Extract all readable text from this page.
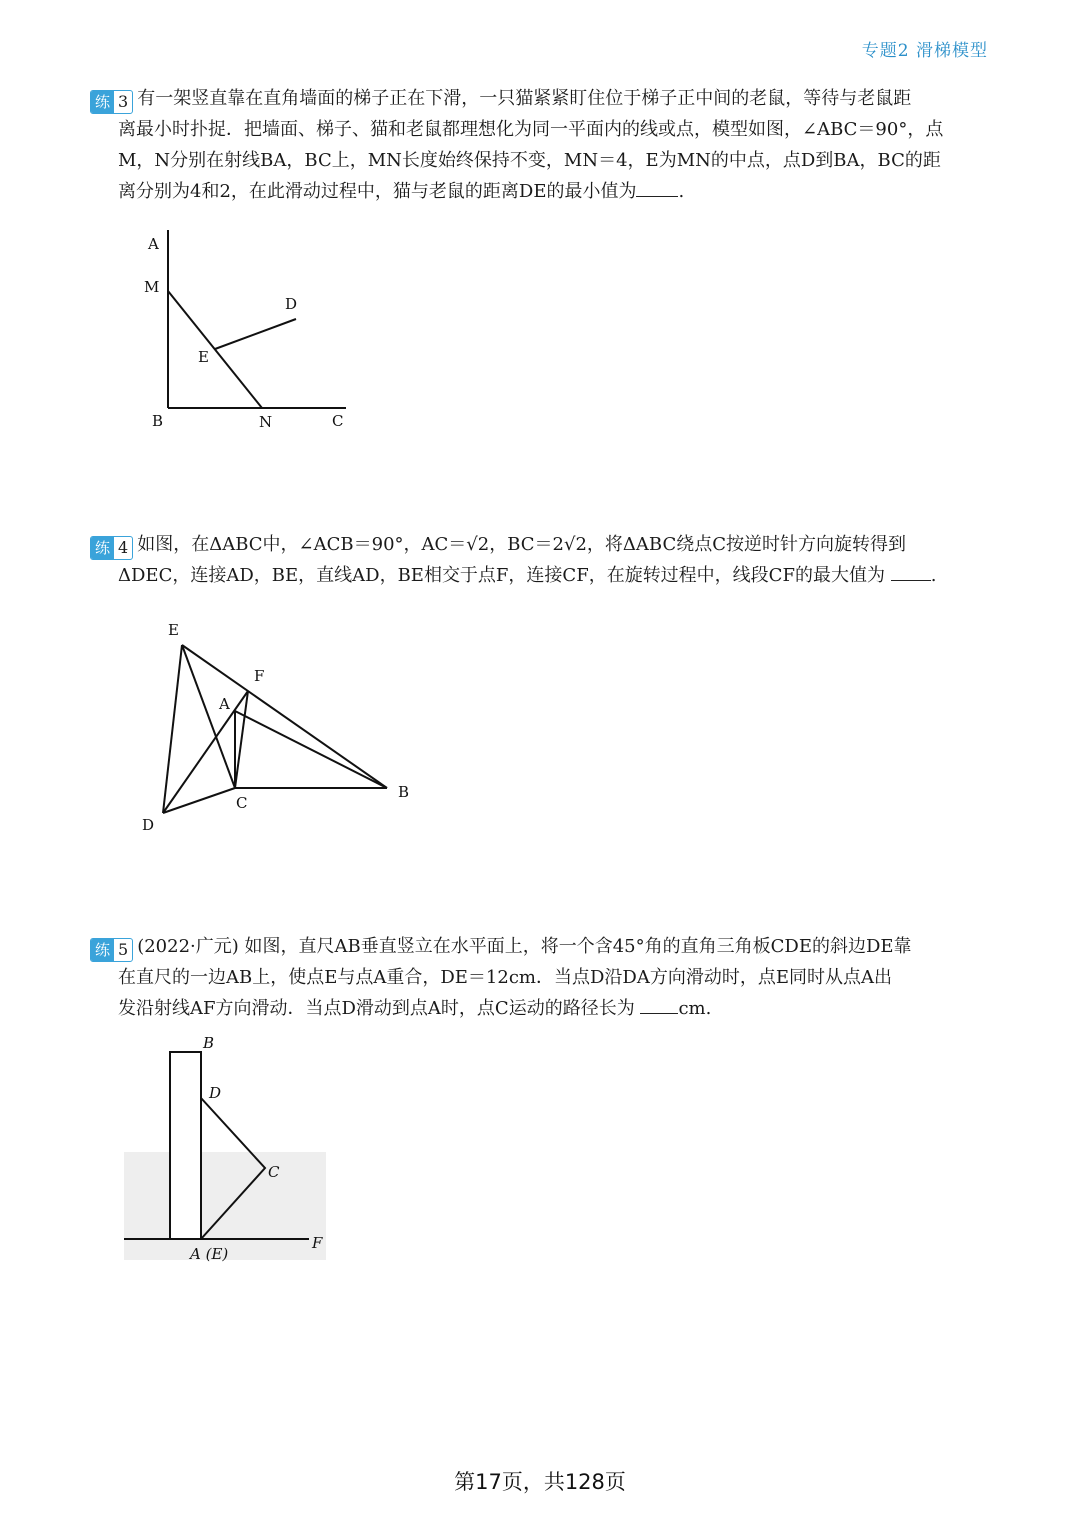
专题2 滑梯模型
练 3 有一架竖直靠在直角墙面的梯子正在下滑，一只猫紧紧盯住位于梯子正中间的老鼠，等待与老鼠距
离最小时扑捉．把墙面、梯子、猫和老鼠都理想化为同一平面内的线或点，模型如图，∠ABC＝90°，点
M，N分别在射线BA，BC上，MN长度始终保持不变，MN＝4，E为MN的中点，点D到BA，BC的距
离分别为4和2，在此滑动过程中，猫与老鼠的距离DE的最小值为 .
A
M
D
E
B	N	C
练 4 如图，在ΔABC中，∠ACB＝90°，AC＝√2，BC＝2√2，将ΔABC绕点C按逆时针方向旋转得到
ΔDEC，连接AD，BE，直线AD，BE相交于点F，连接CF，在旋转过程中，线段CF的最大值为	.
E
F
A
C
B
D
练 5 (2022·广元) 如图，直尺AB垂直竖立在水平面上，将一个含45°角的直角三角板CDE的斜边DE靠
在直尺的一边AB上，使点E与点A重合，DE＝12cm．当点D沿DA方向滑动时，点E同时从点A出
发沿射线AF方向滑动．当点D滑动到点A时，点C运动的路径长为 cm.
B
D
C
A (E)
F
第17页，共128页
